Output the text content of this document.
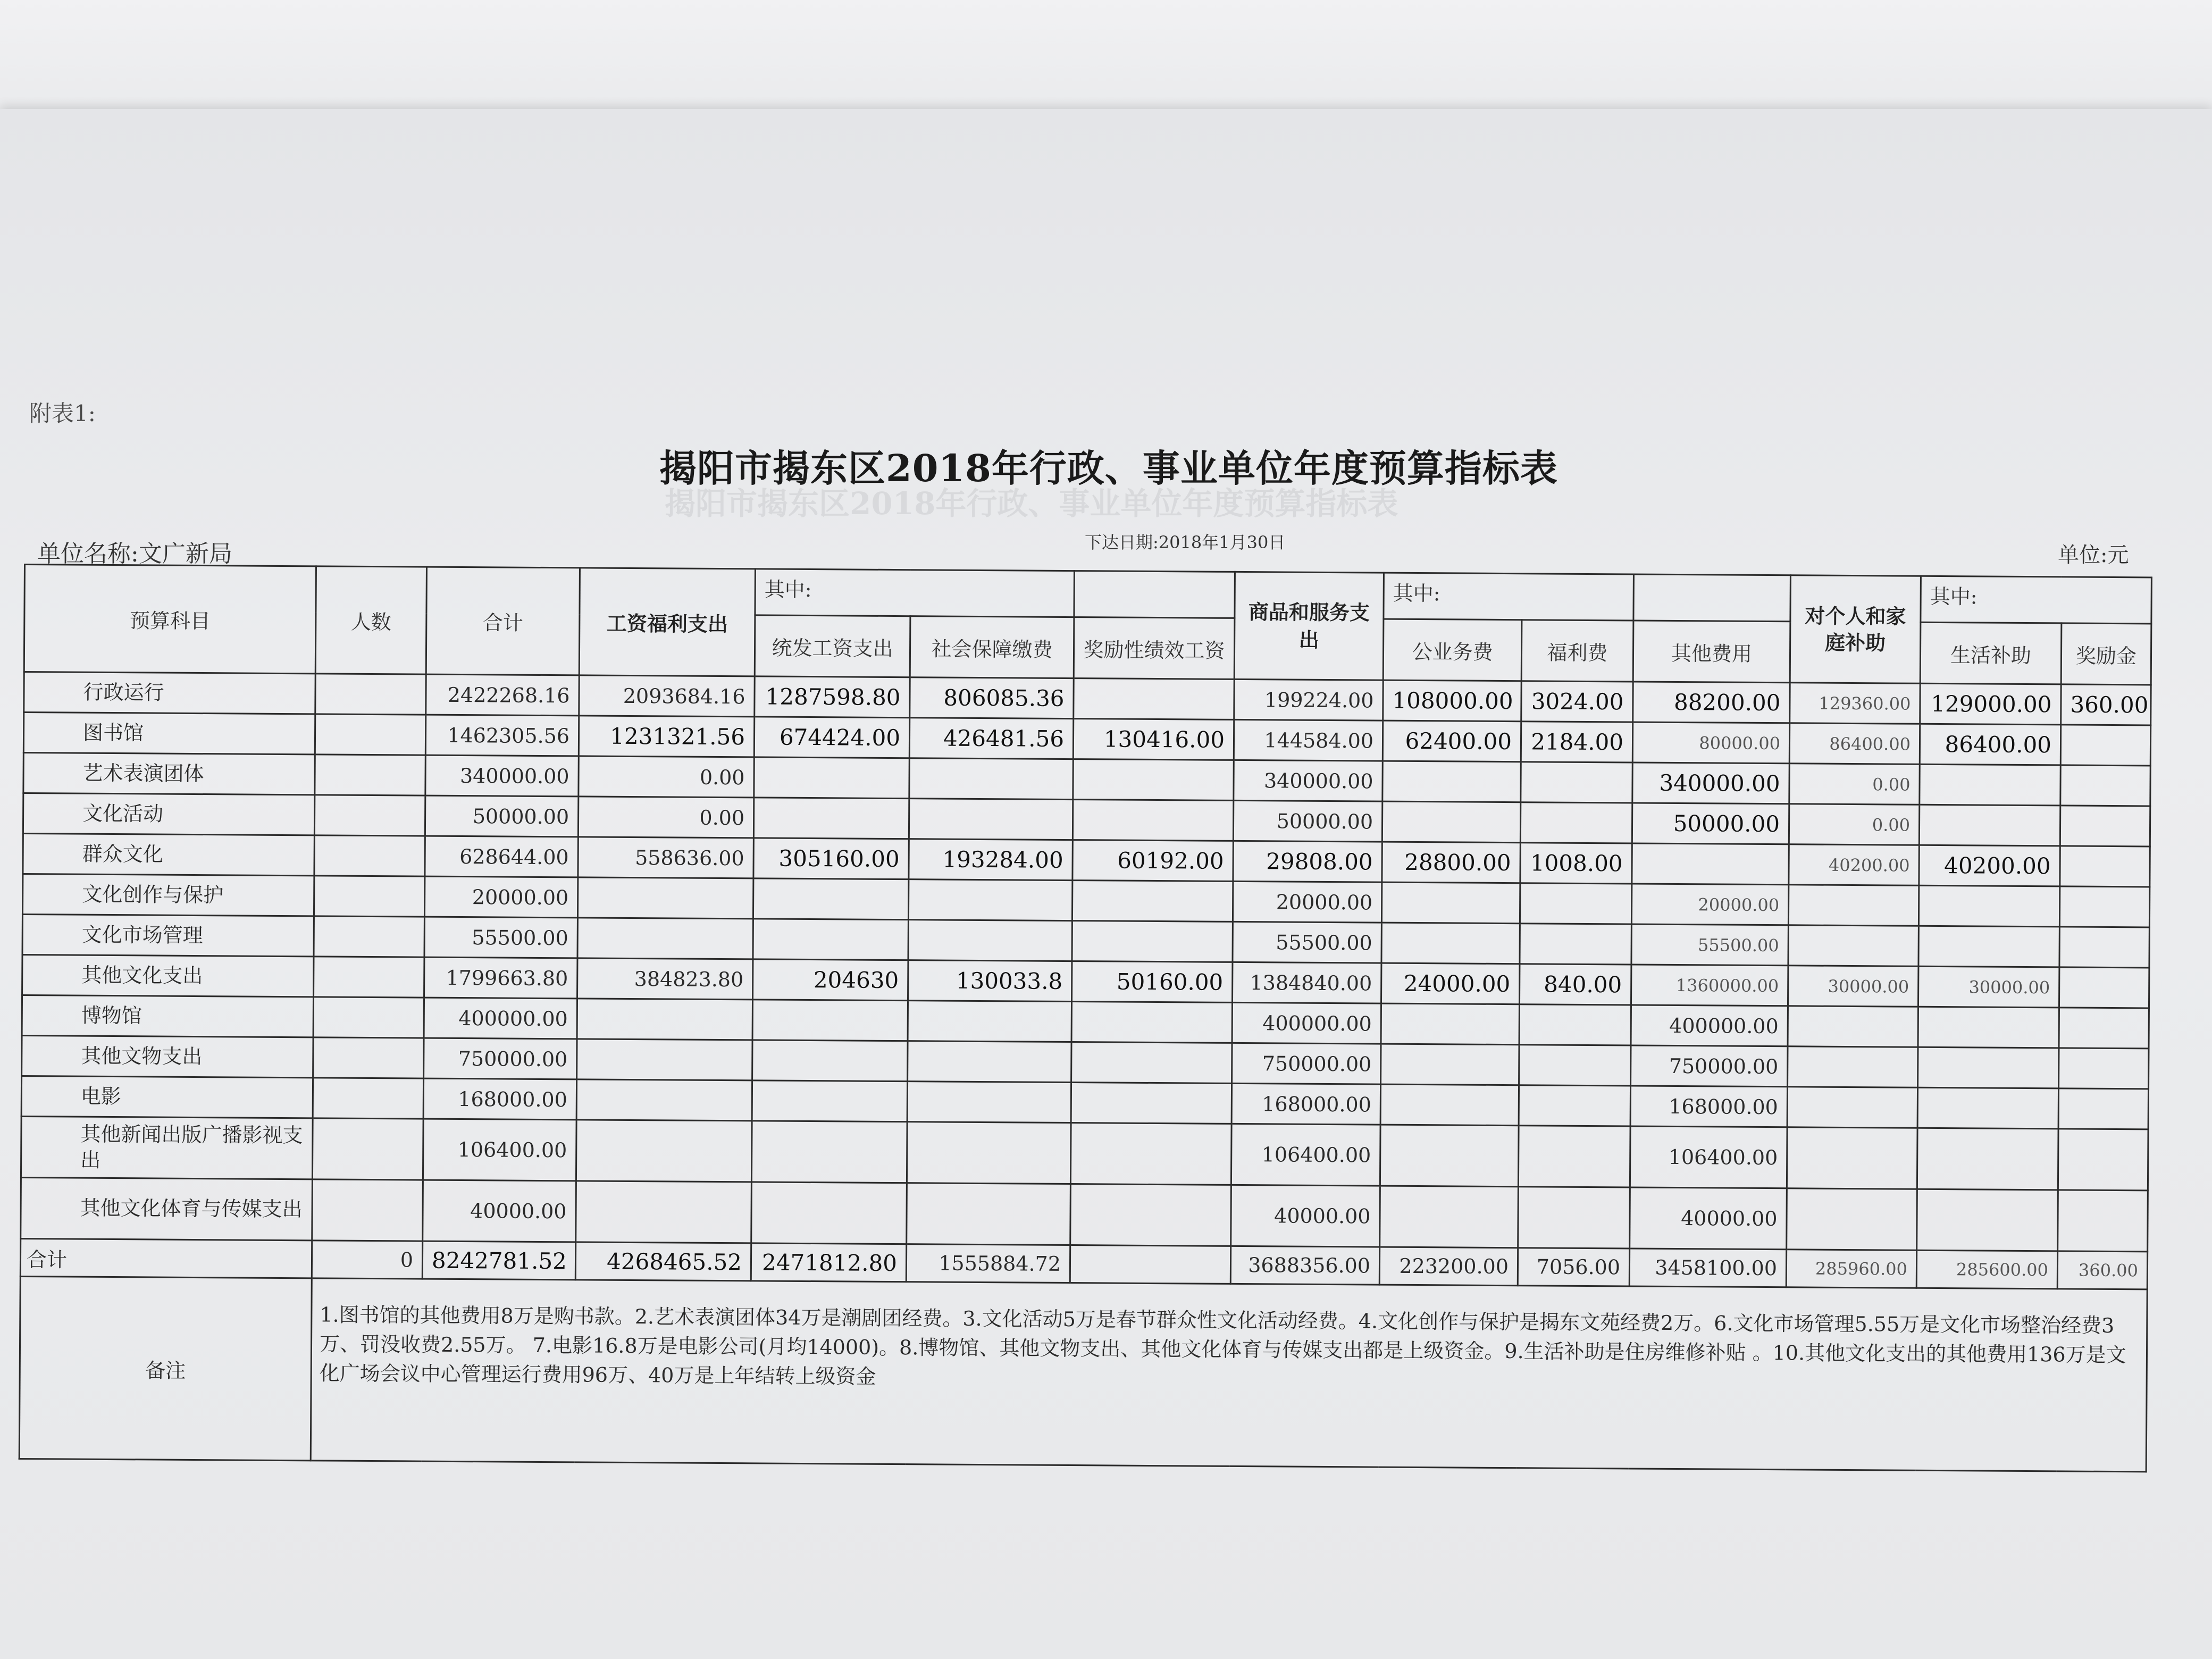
附表1:
揭阳市揭东区2018年行政、事业单位年度预算指标表
揭阳市揭东区2018年行政、事业单位年度预算指标表
单位名称:文广新局	下达日期:2018年1月30日
单位:元
预算科目	人数	合计	工资福利支出	其中:			商品和服务支出	其中:			对个人和家庭补助	其中:	
				统发工资支出	社会保障缴费	奖励性绩效工资		公业务费	福利费	其他费用		生活补助	奖励金
行政运行		2422268.16	2093684.16	1287598.80	806085.36		199224.00	108000.00	3024.00	88200.00	129360.00	129000.00	360.00
图书馆		1462305.56	1231321.56	674424.00	426481.56	130416.00	144584.00	62400.00	2184.00	80000.00	86400.00	86400.00	
艺术表演团体		340000.00	0.00				340000.00			340000.00	0.00		
文化活动		50000.00	0.00				50000.00			50000.00	0.00		
群众文化		628644.00	558636.00	305160.00	193284.00	60192.00	29808.00	28800.00	1008.00		40200.00	40200.00	
文化创作与保护		20000.00					20000.00			20000.00			
文化市场管理		55500.00					55500.00			55500.00			
其他文化支出		1799663.80	384823.80	204630	130033.8	50160.00	1384840.00	24000.00	840.00	1360000.00	30000.00	30000.00	
博物馆		400000.00					400000.00			400000.00			
其他文物支出		750000.00					750000.00			750000.00			
电影		168000.00					168000.00			168000.00			
其他新闻出版广播影视支出		106400.00					106400.00			106400.00			
其他文化体育与传媒支出		40000.00					40000.00			40000.00			
合计	0	8242781.52	4268465.52	2471812.80	1555884.72		3688356.00	223200.00	7056.00	3458100.00	285960.00	285600.00	360.00
备注	1.图书馆的其他费用8万是购书款。2.艺术表演团体34万是潮剧团经费。3.文化活动5万是春节群众性文化活动经费。4.文化创作与保护是揭东文苑经费2万。6.文化市场管理5.55万是文化市场整治经费3万、罚没收费2.55万。 7.电影16.8万是电影公司(月均14000)。8.博物馆、其他文物支出、其他文化体育与传媒支出都是上级资金。9.生活补助是住房维修补贴 。10.其他文化支出的其他费用136万是文化广场会议中心管理运行费用96万、40万是上年结转上级资金												
